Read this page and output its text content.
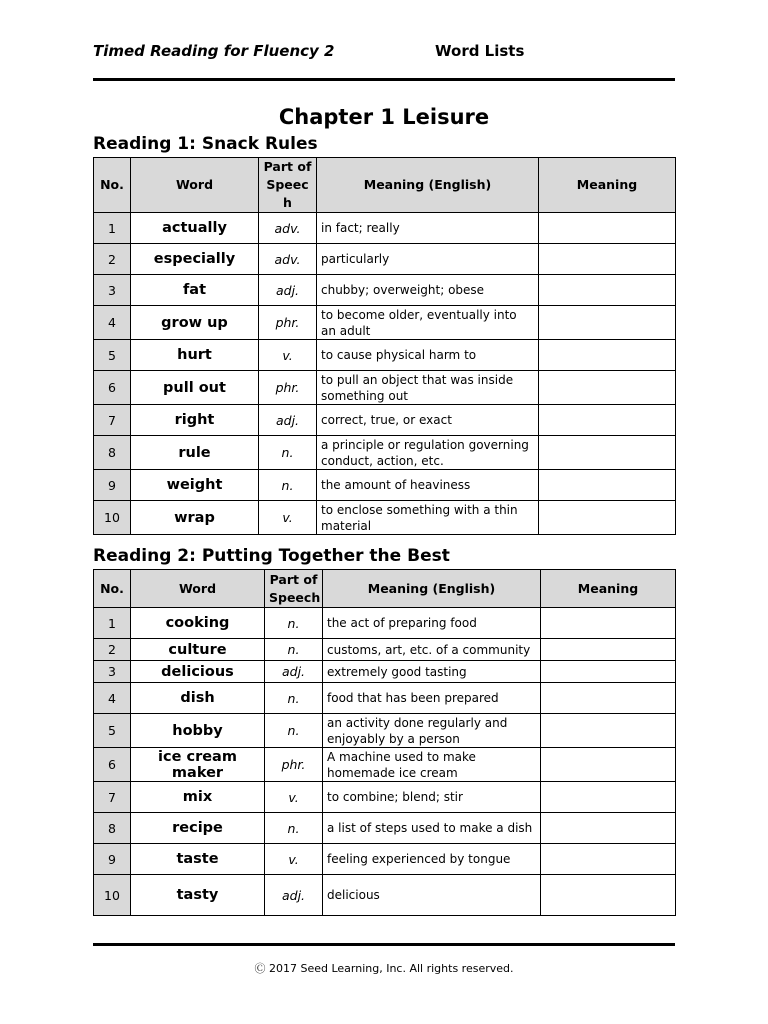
Timed Reading for Fluency 2	Word Lists
Chapter 1 Leisure
Reading 1: Snack Rules
No.	Word	Part of Speec h	Meaning (English)	Meaning
1	actually	adv.	in fact; really	
2	especially	adv.	particularly	
3	fat	adj.	chubby; overweight; obese	
4	grow up	phr.	to become older, eventually into an adult	
5	hurt	v.	to cause physical harm to	
6	pull out	phr.	to pull an object that was inside something out	
7	right	adj.	correct, true, or exact	
8	rule	n.	a principle or regulation governing conduct, action, etc.	
9	weight	n.	the amount of heaviness	
10	wrap	v.	to enclose something with a thin material	
Reading 2: Putting Together the Best
No.	Word	Part of Speech	Meaning (English)	Meaning
1	cooking	n.	the act of preparing food	
2	culture	n.	customs, art, etc. of a community	
3	delicious	adj.	extremely good tasting	
4	dish	n.	food that has been prepared	
5	hobby	n.	an activity done regularly and enjoyably by a person	
6	ice cream maker	phr.	A machine used to make homemade ice cream	
7	mix	v.	to combine; blend; stir	
8	recipe	n.	a list of steps used to make a dish	
9	taste	v.	feeling experienced by tongue	
10	tasty	adj.	delicious	
Ⓒ 2017 Seed Learning, Inc. All rights reserved.
